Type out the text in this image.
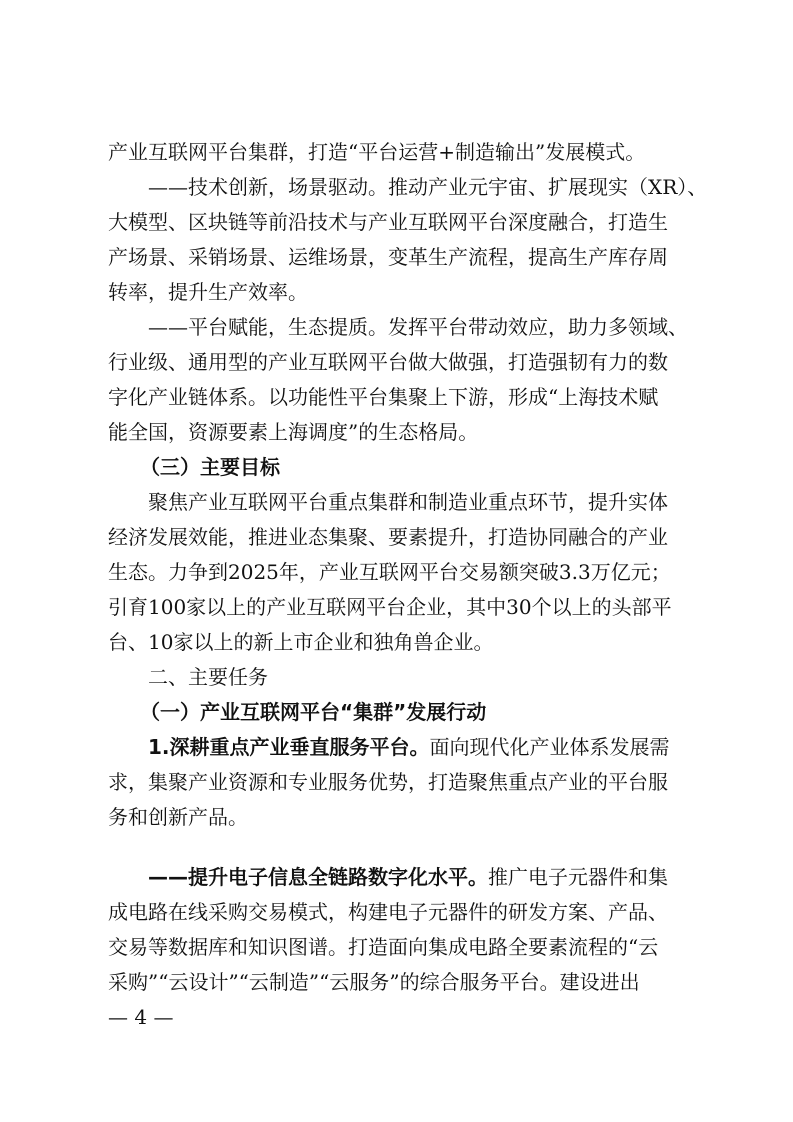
产业互联网平台集群，打造“平台运营+制造输出”发展模式。
——技术创新，场景驱动。推动产业元宇宙、扩展现实（XR）、
大模型、区块链等前沿技术与产业互联网平台深度融合，打造生
产场景、采销场景、运维场景，变革生产流程，提高生产库存周
转率，提升生产效率。
——平台赋能，生态提质。发挥平台带动效应，助力多领域、
行业级、通用型的产业互联网平台做大做强，打造强韧有力的数
字化产业链体系。以功能性平台集聚上下游，形成“上海技术赋
能全国，资源要素上海调度”的生态格局。
（三）主要目标
聚焦产业互联网平台重点集群和制造业重点环节，提升实体
经济发展效能，推进业态集聚、要素提升，打造协同融合的产业
生态。力争到2025年，产业互联网平台交易额突破3.3万亿元；
引育100家以上的产业互联网平台企业，其中30个以上的头部平
台、10家以上的新上市企业和独角兽企业。
二、主要任务
（一）产业互联网平台“集群”发展行动
1.深耕重点产业垂直服务平台。面向现代化产业体系发展需
求，集聚产业资源和专业服务优势，打造聚焦重点产业的平台服
务和创新产品。
——提升电子信息全链路数字化水平。推广电子元器件和集
成电路在线采购交易模式，构建电子元器件的研发方案、产品、
交易等数据库和知识图谱。打造面向集成电路全要素流程的“云
采购”“云设计”“云制造”“云服务”的综合服务平台。建设进出
— 4 —
